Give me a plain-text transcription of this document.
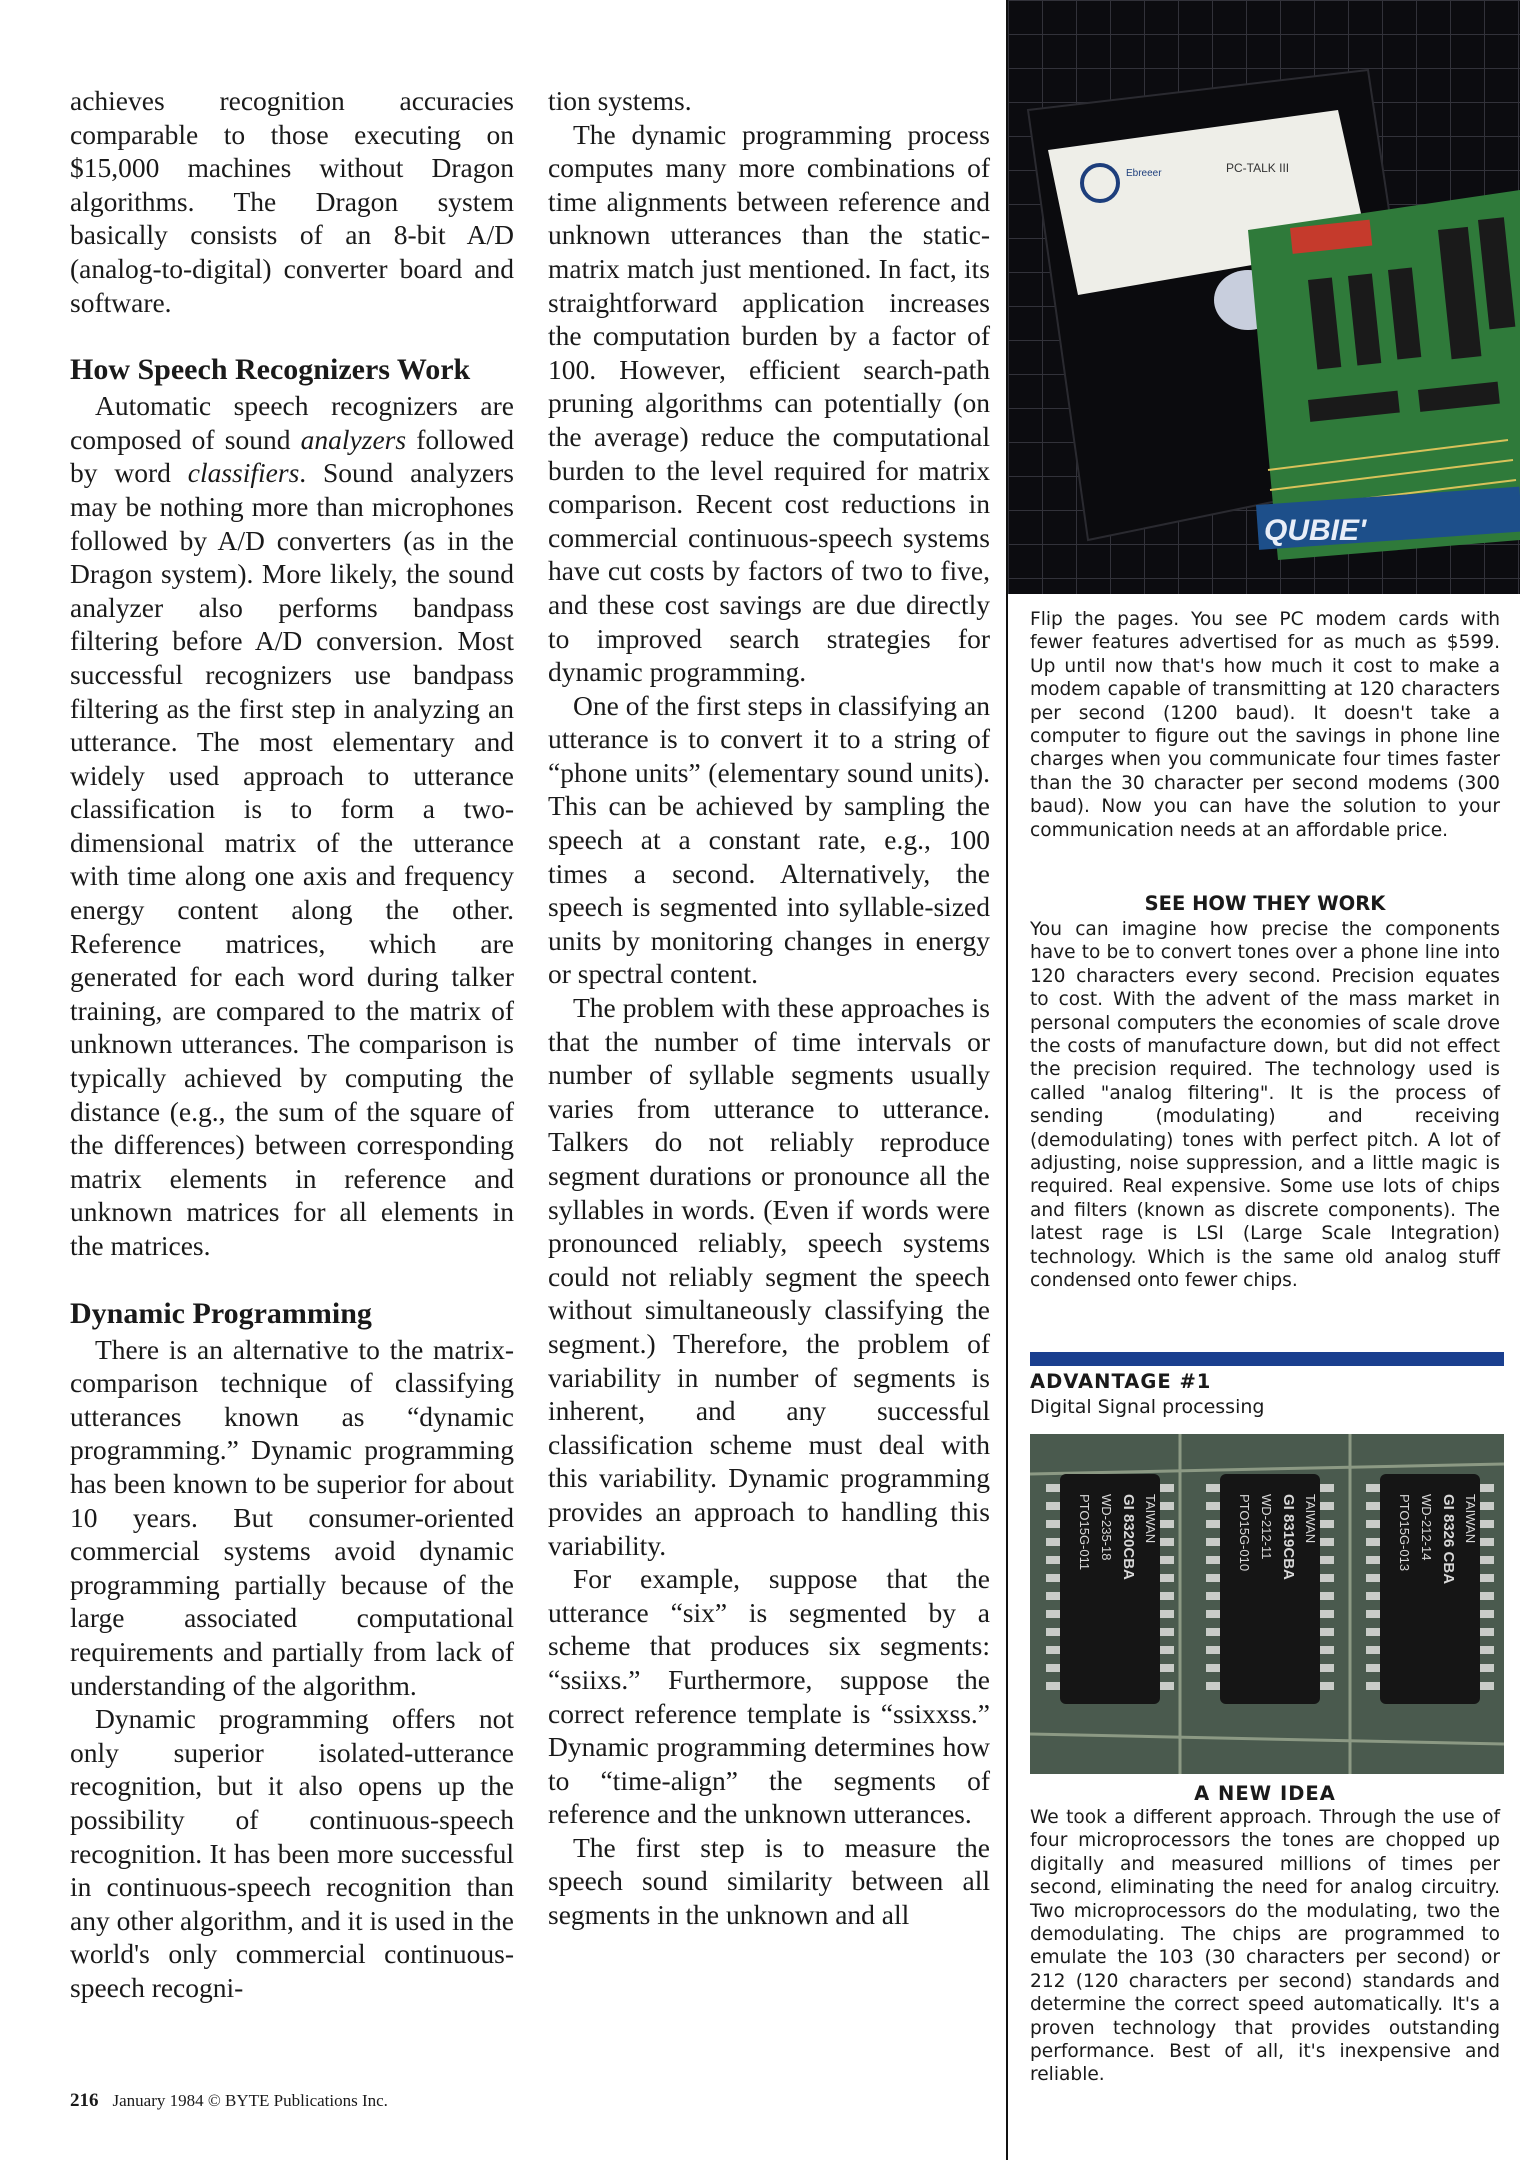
achieves recognition accuracies comparable to those executing on $15,000 machines without Dragon algorithms. The Dragon system basically consists of an 8-bit A/D (analog-to-digital) converter board and software.

How Speech Recognizers Work

Automatic speech recognizers are composed of sound analyzers followed by word classifiers. Sound analyzers may be nothing more than microphones followed by A/D converters (as in the Dragon system). More likely, the sound analyzer also performs bandpass filtering before A/D conversion. Most successful recognizers use bandpass filtering as the first step in analyzing an utterance. The most elementary and widely used approach to utterance classification is to form a two-dimensional matrix of the utterance with time along one axis and frequency energy content along the other. Reference matrices, which are generated for each word during talker training, are compared to the matrix of unknown utterances. The comparison is typically achieved by computing the distance (e.g., the sum of the square of the differences) between corresponding matrix elements in reference and unknown matrices for all elements in the matrices.

Dynamic Programming

There is an alternative to the matrix-comparison technique of classifying utterances known as “dynamic programming.” Dynamic programming has been known to be superior for about 10 years. But consumer-oriented commercial systems avoid dynamic programming partially because of the large associated computational requirements and partially from lack of understanding of the algorithm.

Dynamic programming offers not only superior isolated-utterance recognition, but it also opens up the possibility of continuous-speech recognition. It has been more successful in continuous-speech recognition than any other algorithm, and it is used in the world's only commercial continuous-speech recogni-

tion systems.

The dynamic programming process computes many more combinations of time alignments between reference and unknown utterances than the static-matrix match just mentioned. In fact, its straightforward application increases the computation burden by a factor of 100. However, efficient search-path pruning algorithms can potentially (on the average) reduce the computational burden to the level required for matrix comparison. Recent cost reductions in commercial continuous-speech systems have cut costs by factors of two to five, and these cost savings are due directly to improved search strategies for dynamic programming.

One of the first steps in classifying an utterance is to convert it to a string of “phone units” (elementary sound units). This can be achieved by sampling the speech at a constant rate, e.g., 100 times a second. Alternatively, the speech is segmented into syllable-sized units by monitoring changes in energy or spectral content.

The problem with these approaches is that the number of time intervals or number of syllable segments usually varies from utterance to utterance. Talkers do not reliably reproduce segment durations or pronounce all the syllables in words. (Even if words were pronounced reliably, speech systems could not reliably segment the speech without simultaneously classifying the segment.) Therefore, the problem of variability in number of segments is inherent, and any successful classification scheme must deal with this variability. Dynamic programming provides an approach to handling this variability.

For example, suppose that the utterance “six” is segmented by a scheme that produces six segments: “ssiixs.” Furthermore, suppose the correct reference template is “ssixxss.” Dynamic programming determines how to “time-align” the segments of reference and the unknown utterances.

The first step is to measure the speech sound similarity between all segments in the unknown and all

Ebreeer	PC-TALK III
QUBIE'
Flip the pages. You see PC modem cards with fewer features advertised for as much as $599. Up until now that's how much it cost to make a modem capable of transmitting at 120 characters per second (1200 baud). It doesn't take a computer to figure out the savings in phone line charges when you communicate four times faster than the 30 character per second modems (300 baud). Now you can have the solution to your communication needs at an affordable price.
SEE HOW THEY WORK
You can imagine how precise the components have to be to convert tones over a phone line into 120 characters every second. Precision equates to cost. With the advent of the mass market in personal computers the economies of scale drove the costs of manufacture down, but did not effect the precision required. The technology used is called "analog filtering". It is the process of sending (modulating) and receiving (demodulating) tones with perfect pitch. A lot of adjusting, noise suppression, and a little magic is required. Real expensive. Some use lots of chips and filters (known as discrete components). The latest rage is LSI (Large Scale Integration) technology. Which is the same old analog stuff condensed onto fewer chips.
ADVANTAGE #1
Digital Signal processing
PTO15G-011 WD-235-18 GI 8320CBA TAIWAN	PTO15G-010 WD-212-11 GI 8319CBA TAIWAN	PTO15G-013 WD-212-14 GI 8326 CBA TAIWAN
A NEW IDEA
We took a different approach. Through the use of four microprocessors the tones are chopped up digitally and measured millions of times per second, eliminating the need for analog circuitry. Two microprocessors do the modulating, two the demodulating. The chips are programmed to emulate the 103 (30 characters per second) or 212 (120 characters per second) standards and determine the correct speed automatically. It's a proven technology that provides outstanding performance. Best of all, it's inexpensive and reliable.
216 January 1984 © BYTE Publications Inc.
